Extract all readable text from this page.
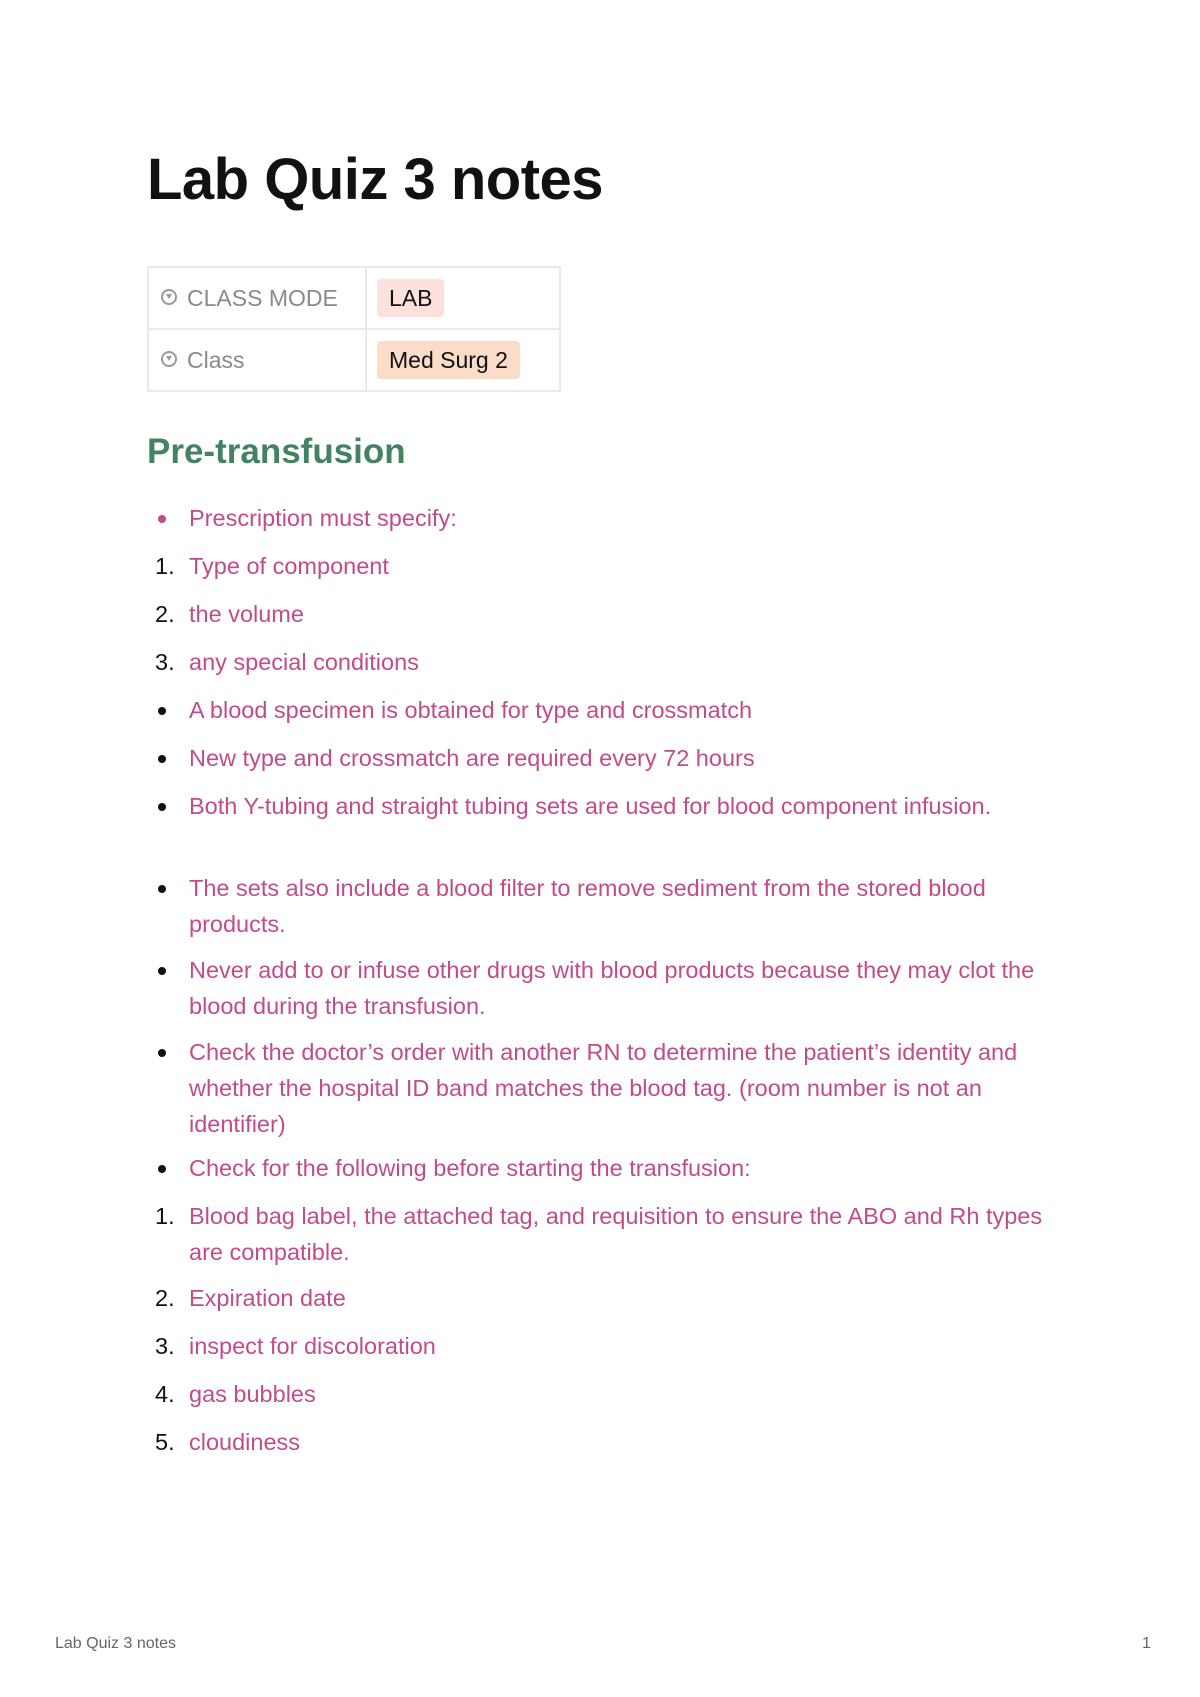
Lab Quiz 3 notes
CLASS MODE	LAB
Class	Med Surg 2
Pre-transfusion
Prescription must specify:
1. Type of component
2. the volume
3. any special conditions
A blood specimen is obtained for type and crossmatch
New type and crossmatch are required every 72 hours
Both Y-tubing and straight tubing sets are used for blood component infusion.
The sets also include a blood filter to remove sediment from the stored blood products.
Never add to or infuse other drugs with blood products because they may clot the blood during the transfusion.
Check the doctor’s order with another RN to determine the patient’s identity and whether the hospital ID band matches the blood tag. (room number is not an identifier)
Check for the following before starting the transfusion:
1. Blood bag label, the attached tag, and requisition to ensure the ABO and Rh types are compatible.
2. Expiration date
3. inspect for discoloration
4. gas bubbles
5. cloudiness
Lab Quiz 3 notes	1
